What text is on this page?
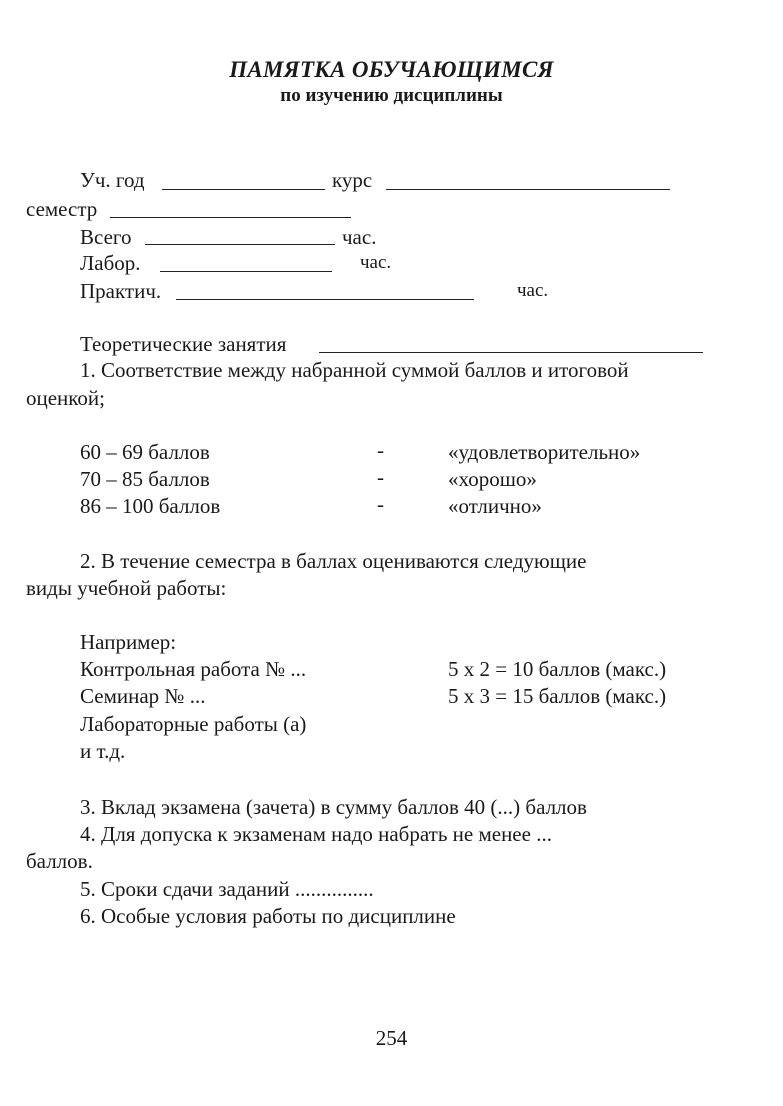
ПАМЯТКА ОБУЧАЮЩИМСЯ
по изучению дисциплины
Уч. год	курс
семестр
Всего	час.
Лабор.	час.
Практич.	час.
Теоретические занятия
1. Соответствие между набранной суммой баллов и итоговой
оценкой;
60 – 69 баллов	-	«удовлетворительно»
70 – 85 баллов	-	«хорошо»
86 – 100 баллов	-	«отлично»
2. В течение семестра в баллах оцениваются следующие
виды учебной работы:
Например:
Контрольная работа № ...	5 x 2 = 10 баллов (макс.)
Семинар № ...	5 x 3 = 15 баллов (макс.)
Лабораторные работы (а)
и т.д.
3. Вклад экзамена (зачета) в сумму баллов 40 (...) баллов
4. Для допуска к экзаменам надо набрать не менее ...
баллов.
5. Сроки сдачи заданий ...............
6. Особые условия работы по дисциплине
254
